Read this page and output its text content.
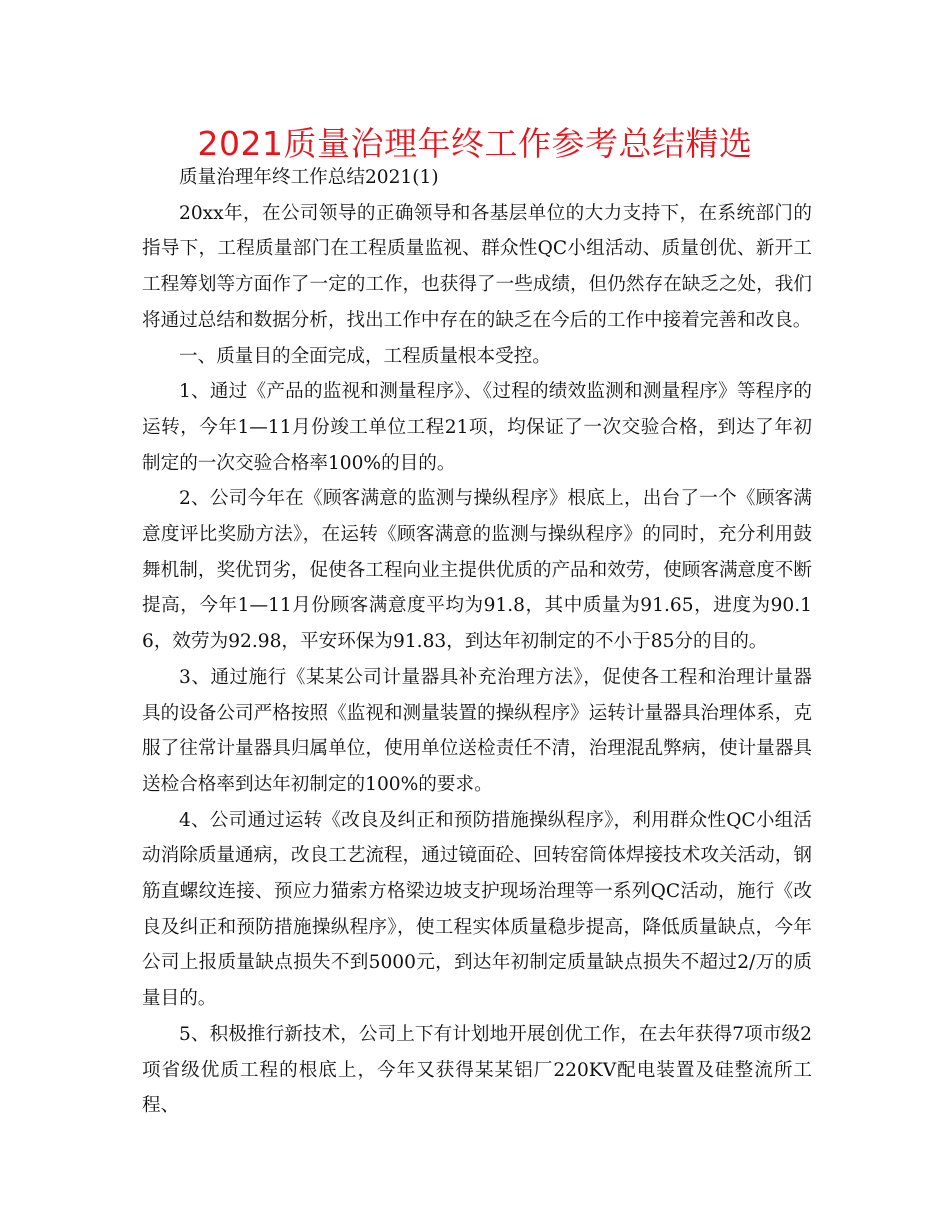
2021质量治理年终工作参考总结精选

质量治理年终工作总结2021(1)

20xx年，在公司领导的正确领导和各基层单位的大力支持下，在系统部门的指导下，工程质量部门在工程质量监视、群众性QC小组活动、质量创优、新开工工程筹划等方面作了一定的工作，也获得了一些成绩，但仍然存在缺乏之处，我们将通过总结和数据分析，找出工作中存在的缺乏在今后的工作中接着完善和改良。

一、质量目的全面完成，工程质量根本受控。

1、通过《产品的监视和测量程序》、《过程的绩效监测和测量程序》等程序的运转，今年1—11月份竣工单位工程21项，均保证了一次交验合格，到达了年初制定的一次交验合格率100%的目的。

2、公司今年在《顾客满意的监测与操纵程序》根底上，出台了一个《顾客满意度评比奖励方法》，在运转《顾客满意的监测与操纵程序》的同时，充分利用鼓舞机制，奖优罚劣，促使各工程向业主提供优质的产品和效劳，使顾客满意度不断提高，今年1—11月份顾客满意度平均为91.8，其中质量为91.65，进度为90.16，效劳为92.98，平安环保为91.83，到达年初制定的不小于85分的目的。

3、通过施行《某某公司计量器具补充治理方法》，促使各工程和治理计量器具的设备公司严格按照《监视和测量装置的操纵程序》运转计量器具治理体系，克服了往常计量器具归属单位，使用单位送检责任不清，治理混乱弊病，使计量器具送检合格率到达年初制定的100%的要求。

4、公司通过运转《改良及纠正和预防措施操纵程序》，利用群众性QC小组活动消除质量通病，改良工艺流程，通过镜面砼、回转窑筒体焊接技术攻关活动，钢筋直螺纹连接、预应力猫索方格梁边坡支护现场治理等一系列QC活动，施行《改良及纠正和预防措施操纵程序》，使工程实体质量稳步提高，降低质量缺点，今年公司上报质量缺点损失不到5000元，到达年初制定质量缺点损失不超过2/万的质量目的。

5、积极推行新技术，公司上下有计划地开展创优工作，在去年获得7项市级2项省级优质工程的根底上，今年又获得某某铝厂220KV配电装置及硅整流所工程、
